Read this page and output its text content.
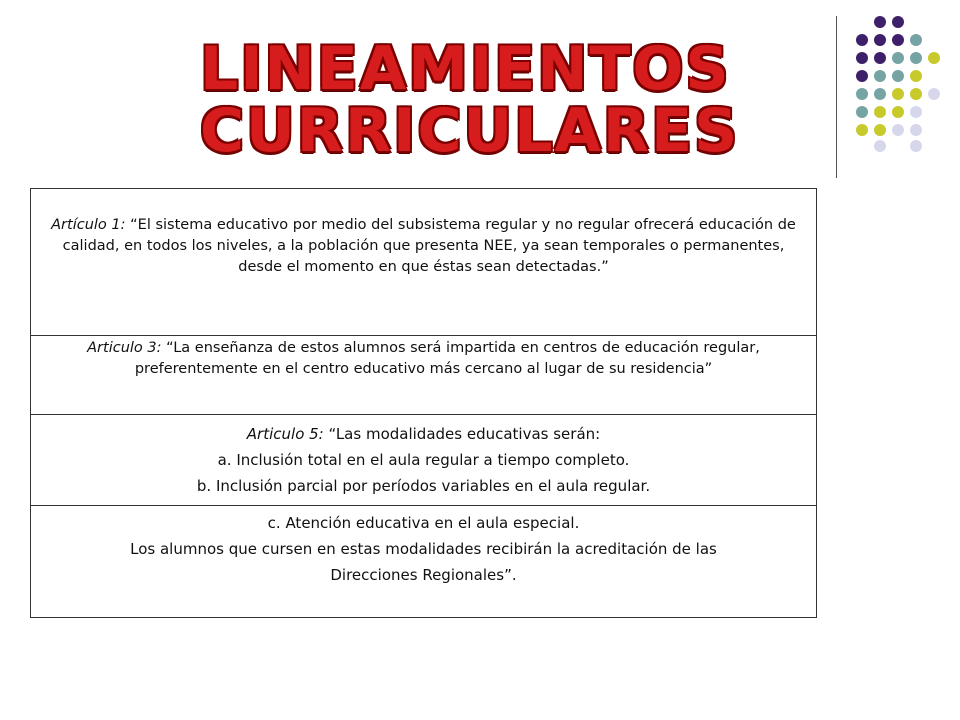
LINEAMIENTOS
CURRICULARES
Artículo 1: “El sistema educativo por medio del subsistema regular y no regular ofrecerá educación de calidad, en todos los niveles, a la población que presenta NEE, ya sean temporales o permanentes, desde el momento en que éstas sean detectadas.”
Articulo 3: “La enseñanza de estos alumnos será impartida en centros de educación regular, preferentemente en el centro educativo más cercano al lugar de su residencia”
Articulo 5: “Las modalidades educativas serán:
a. Inclusión total en el aula regular a tiempo completo.
b. Inclusión parcial por períodos variables en el aula regular.
c. Atención educativa en el aula especial.
Los alumnos que cursen en estas modalidades recibirán la acreditación de las
Direcciones Regionales”.
